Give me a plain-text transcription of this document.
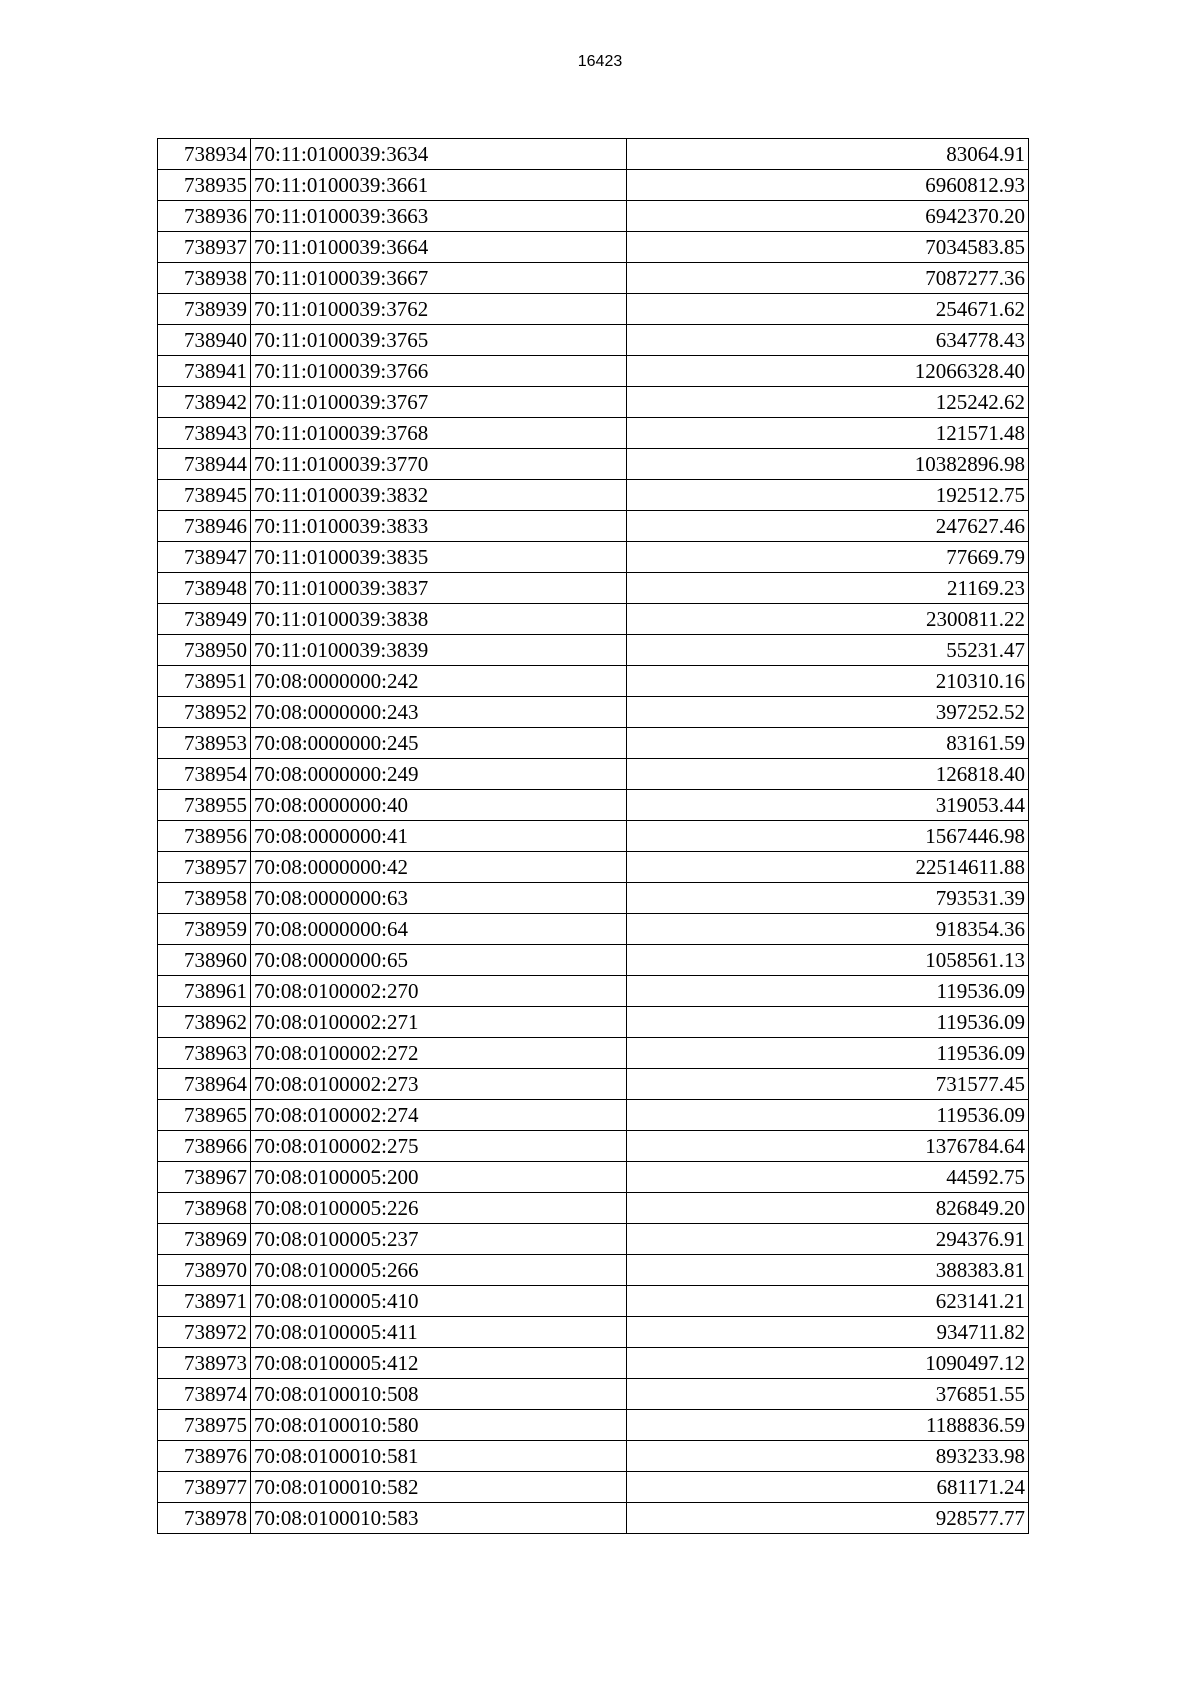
16423
738934	70:11:0100039:3634	83064.91
738935	70:11:0100039:3661	6960812.93
738936	70:11:0100039:3663	6942370.20
738937	70:11:0100039:3664	7034583.85
738938	70:11:0100039:3667	7087277.36
738939	70:11:0100039:3762	254671.62
738940	70:11:0100039:3765	634778.43
738941	70:11:0100039:3766	12066328.40
738942	70:11:0100039:3767	125242.62
738943	70:11:0100039:3768	121571.48
738944	70:11:0100039:3770	10382896.98
738945	70:11:0100039:3832	192512.75
738946	70:11:0100039:3833	247627.46
738947	70:11:0100039:3835	77669.79
738948	70:11:0100039:3837	21169.23
738949	70:11:0100039:3838	2300811.22
738950	70:11:0100039:3839	55231.47
738951	70:08:0000000:242	210310.16
738952	70:08:0000000:243	397252.52
738953	70:08:0000000:245	83161.59
738954	70:08:0000000:249	126818.40
738955	70:08:0000000:40	319053.44
738956	70:08:0000000:41	1567446.98
738957	70:08:0000000:42	22514611.88
738958	70:08:0000000:63	793531.39
738959	70:08:0000000:64	918354.36
738960	70:08:0000000:65	1058561.13
738961	70:08:0100002:270	119536.09
738962	70:08:0100002:271	119536.09
738963	70:08:0100002:272	119536.09
738964	70:08:0100002:273	731577.45
738965	70:08:0100002:274	119536.09
738966	70:08:0100002:275	1376784.64
738967	70:08:0100005:200	44592.75
738968	70:08:0100005:226	826849.20
738969	70:08:0100005:237	294376.91
738970	70:08:0100005:266	388383.81
738971	70:08:0100005:410	623141.21
738972	70:08:0100005:411	934711.82
738973	70:08:0100005:412	1090497.12
738974	70:08:0100010:508	376851.55
738975	70:08:0100010:580	1188836.59
738976	70:08:0100010:581	893233.98
738977	70:08:0100010:582	681171.24
738978	70:08:0100010:583	928577.77
